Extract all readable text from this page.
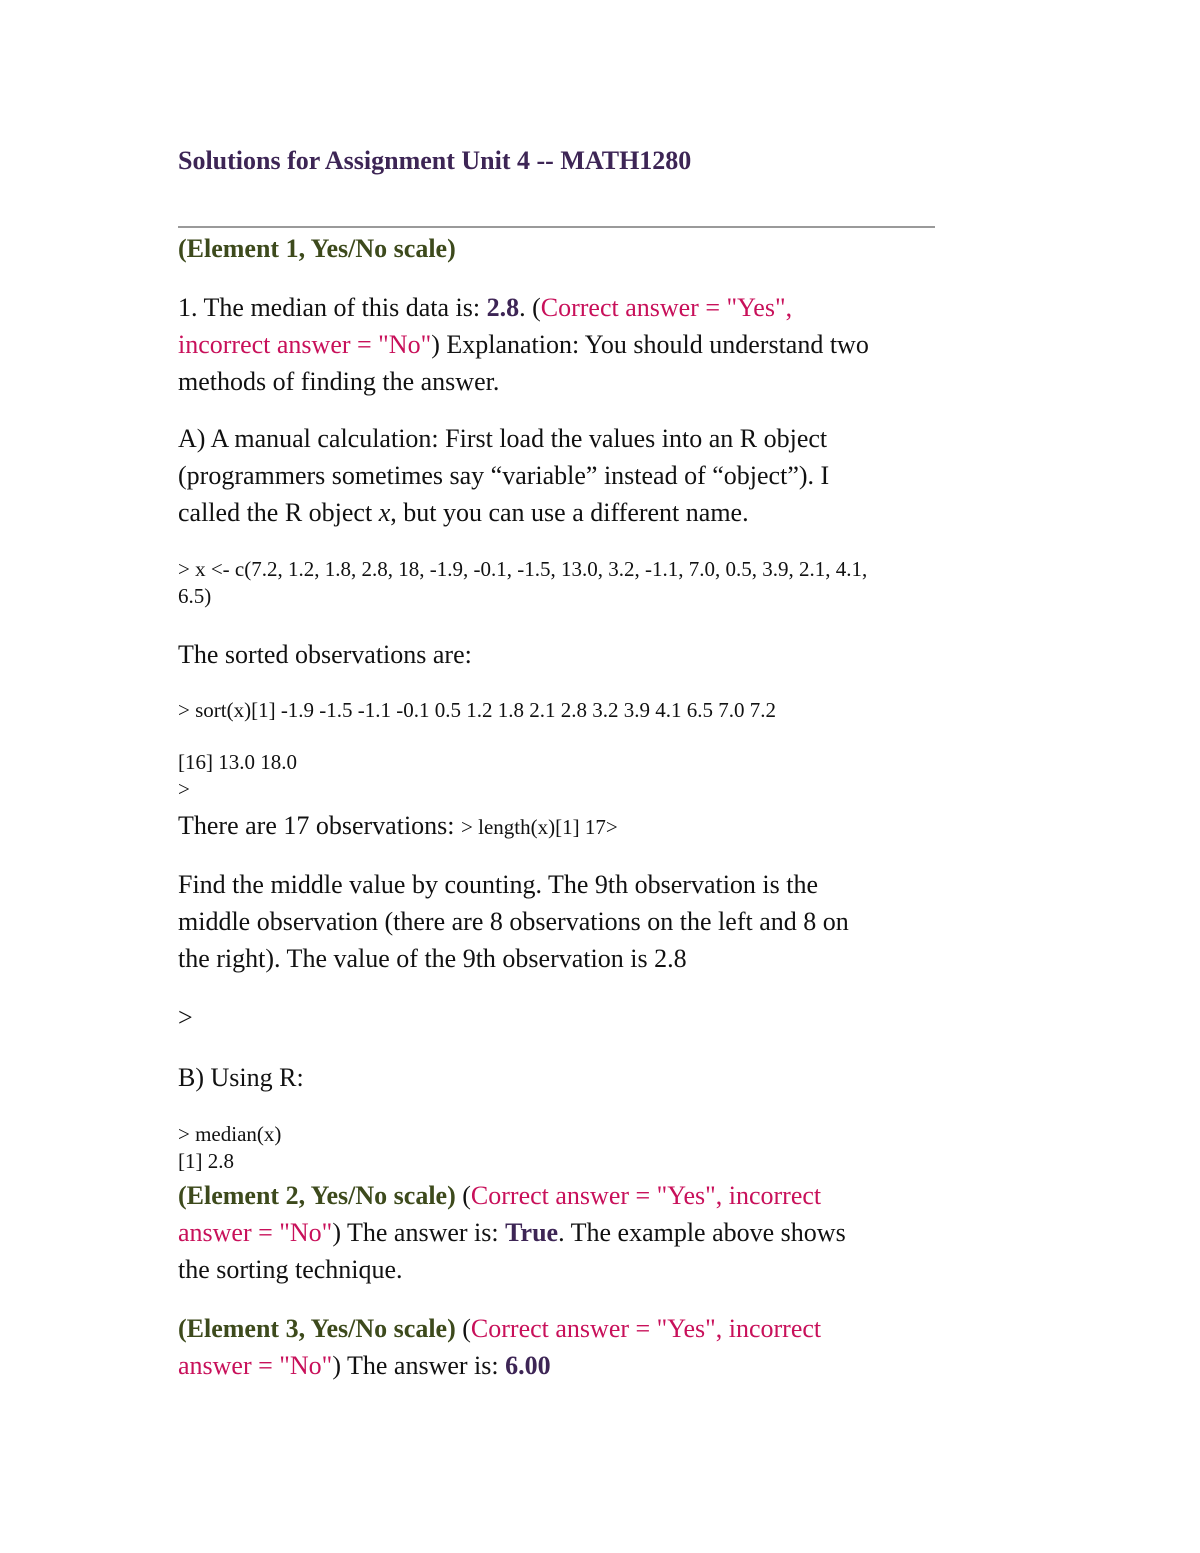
Solutions for Assignment Unit 4 -- MATH1280
(Element 1, Yes/No scale)
1. The median of this data is: 2.8. (Correct answer = "Yes",
incorrect answer = "No") Explanation: You should understand two
methods of finding the answer.
A) A manual calculation: First load the values into an R object
(programmers sometimes say “variable” instead of “object”). I
called the R object x, but you can use a different name.
> x <- c(7.2, 1.2, 1.8, 2.8, 18, -1.9, -0.1, -1.5, 13.0, 3.2, -1.1, 7.0, 0.5, 3.9, 2.1, 4.1,
6.5)
The sorted observations are:
> sort(x)[1] -1.9 -1.5 -1.1 -0.1 0.5 1.2 1.8 2.1 2.8 3.2 3.9 4.1 6.5 7.0 7.2
[16] 13.0 18.0
>
There are 17 observations: > length(x)[1] 17>
Find the middle value by counting. The 9th observation is the
middle observation (there are 8 observations on the left and 8 on
the right). The value of the 9th observation is 2.8
>
B) Using R:
> median(x)
[1] 2.8
(Element 2, Yes/No scale) (Correct answer = "Yes", incorrect
answer = "No") The answer is: True. The example above shows
the sorting technique.
(Element 3, Yes/No scale) (Correct answer = "Yes", incorrect
answer = "No") The answer is: 6.00
